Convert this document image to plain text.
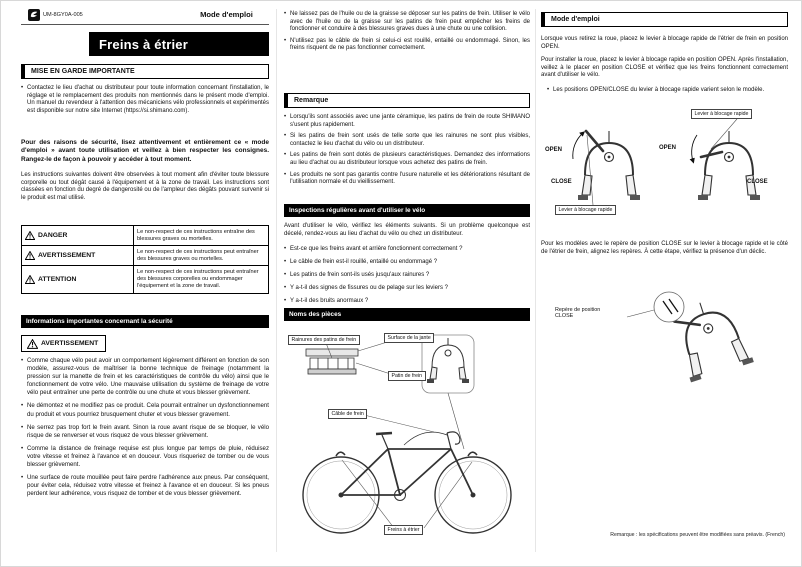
UM-8GY0A-005	Mode d'emploi
Freins à étrier
MISE EN GARDE IMPORTANTE
• Contactez le lieu d'achat ou distributeur pour toute information concernant l'installation, le réglage et le remplacement des produits non mentionnés dans le présent mode d'emploi. Un manuel du revendeur à l'attention des mécaniciens vélo professionnels et expérimentés est disponible sur notre site Internet (https://si.shimano.com).
Pour des raisons de sécurité, lisez attentivement et entièrement ce « mode d'emploi » avant toute utilisation et veillez à bien respecter les consignes. Rangez-le de façon à pouvoir y accéder à tout moment.
Les instructions suivantes doivent être observées à tout moment afin d'éviter toute blessure corporelle ou tout dégât causé à l'équipement et à la zone de travail. Les instructions sont classées en fonction du degré de dangerosité ou de l'ampleur des dégâts pouvant survenir si le produit est mal utilisé.
DANGER
Le non-respect de ces instructions entraîne des blessures graves ou mortelles.
AVERTISSEMENT
Le non-respect de ces instructions peut entraîner des blessures graves ou mortelles.
ATTENTION
Le non-respect de ces instructions peut entraîner des blessures corporelles ou endommager l'équipement et la zone de travail.
Informations importantes concernant la sécurité
AVERTISSEMENT
• Comme chaque vélo peut avoir un comportement légèrement différent en fonction de son modèle, assurez-vous de maîtriser la bonne technique de freinage (notamment la pression sur la manette de frein et les caractéristiques de contrôle du vélo) ainsi que le fonctionnement de votre vélo. Une mauvaise utilisation du système de freinage de votre vélo peut entraîner une perte de contrôle ou une chute et vous blesser grièvement.
• Ne démontez et ne modifiez pas ce produit. Cela pourrait entraîner un dysfonctionnement du produit et vous pourriez brusquement chuter et vous blesser gravement.
• Ne serrez pas trop fort le frein avant. Sinon la roue avant risque de se bloquer, le vélo risque de se renverser et vous risquez de vous blesser grièvement.
• Comme la distance de freinage requise est plus longue par temps de pluie, réduisez votre vitesse et freinez à l'avance et en douceur. Vous risqueriez de tomber ou de vous blesser grièvement.
• Une surface de route mouillée peut faire perdre l'adhérence aux pneus. Par conséquent, pour éviter cela, réduisez votre vitesse et freinez à l'avance et en douceur. Si les pneus perdent leur adhérence, vous risquez de tomber et de vous blesser grièvement.
• Ne laissez pas de l'huile ou de la graisse se déposer sur les patins de frein. Utiliser le vélo avec de l'huile ou de la graisse sur les patins de frein peut empêcher les freins de fonctionner et conduire à des blessures graves dues à une chute ou une collision.
• N'utilisez pas le câble de frein si celui-ci est rouillé, entaillé ou endommagé. Sinon, les freins risquent de ne pas fonctionner correctement.
Remarque
• Lorsqu'ils sont associés avec une jante céramique, les patins de frein de route SHIMANO s'usent plus rapidement.
• Si les patins de frein sont usés de telle sorte que les rainures ne sont plus visibles, contactez le lieu d'achat du vélo ou un distributeur.
• Les patins de frein sont dotés de plusieurs caractéristiques. Demandez des informations au lieu d'achat ou au distributeur lorsque vous achetez des patins de frein.
• Les produits ne sont pas garantis contre l'usure naturelle et les détériorations résultant de l'utilisation normale et du vieillissement.
Inspections régulières avant d'utiliser le vélo
Avant d'utiliser le vélo, vérifiez les éléments suivants. Si un problème quelconque est décelé, rendez-vous au lieu d'achat du vélo ou chez un distributeur.
• Est-ce que les freins avant et arrière fonctionnent correctement ?
• Le câble de frein est-il rouillé, entaillé ou endommagé ?
• Les patins de frein sont-ils usés jusqu'aux rainures ?
• Y a-t-il des signes de fissures ou de pelage sur les leviers ?
• Y a-t-il des bruits anormaux ?
Noms des pièces
Rainures des patins de frein	Surface de la jante
Patin de frein
Câble de frein
Freins à étrier
Mode d'emploi
Lorsque vous retirez la roue, placez le levier à blocage rapide de l'étrier de frein en position OPEN.
Pour installer la roue, placez le levier à blocage rapide en position OPEN. Après l'installation, veillez à le placer en position CLOSE et vérifiez que les freins fonctionnent correctement avant d'utiliser le vélo.
• Les positions OPEN/CLOSE du levier à blocage rapide varient selon le modèle.
Levier à blocage rapide
OPEN
CLOSE
OPEN
CLOSE
Levier à blocage rapide
Pour les modèles avec le repère de position CLOSE sur le levier à blocage rapide et le côté de l'étrier de frein, alignez les repères. À cette étape, vérifiez la présence d'un déclic.
Repère de position CLOSE
Remarque : les spécifications peuvent être modifiées sans préavis. (French)
